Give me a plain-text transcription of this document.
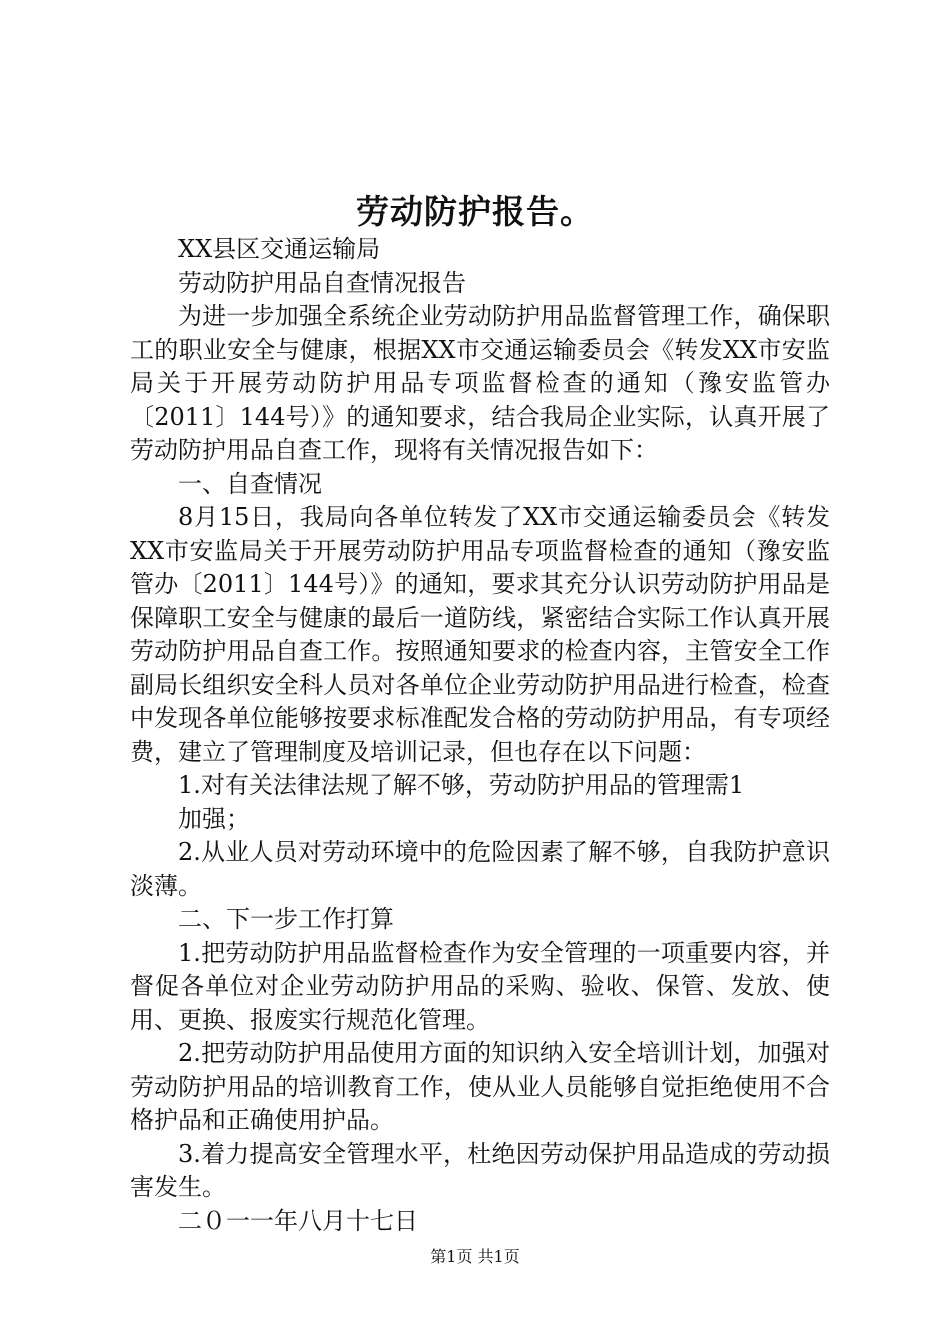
劳动防护报告。

XX县区交通运输局

劳动防护用品自查情况报告

为进一步加强全系统企业劳动防护用品监督管理工作，确保职工的职业安全与健康，根据XX市交通运输委员会《转发XX市安监局关于开展劳动防护用品专项监督检查的通知（豫安监管办〔2011〕144号）》的通知要求，结合我局企业实际，认真开展了劳动防护用品自查工作，现将有关情况报告如下：

一、自查情况

8月15日，我局向各单位转发了XX市交通运输委员会《转发XX市安监局关于开展劳动防护用品专项监督检查的通知（豫安监管办〔2011〕144号）》的通知，要求其充分认识劳动防护用品是保障职工安全与健康的最后一道防线，紧密结合实际工作认真开展劳动防护用品自查工作。按照通知要求的检查内容，主管安全工作副局长组织安全科人员对各单位企业劳动防护用品进行检查，检查中发现各单位能够按要求标准配发合格的劳动防护用品，有专项经费，建立了管理制度及培训记录，但也存在以下问题：

1.对有关法律法规了解不够，劳动防护用品的管理需1

加强；

2.从业人员对劳动环境中的危险因素了解不够，自我防护意识淡薄。

二、下一步工作打算

1.把劳动防护用品监督检查作为安全管理的一项重要内容，并督促各单位对企业劳动防护用品的采购、验收、保管、发放、使用、更换、报废实行规范化管理。

2.把劳动防护用品使用方面的知识纳入安全培训计划，加强对劳动防护用品的培训教育工作，使从业人员能够自觉拒绝使用不合格护品和正确使用护品。

3.着力提高安全管理水平，杜绝因劳动保护用品造成的劳动损害发生。

二０一一年八月十七日

第1页 共1页
